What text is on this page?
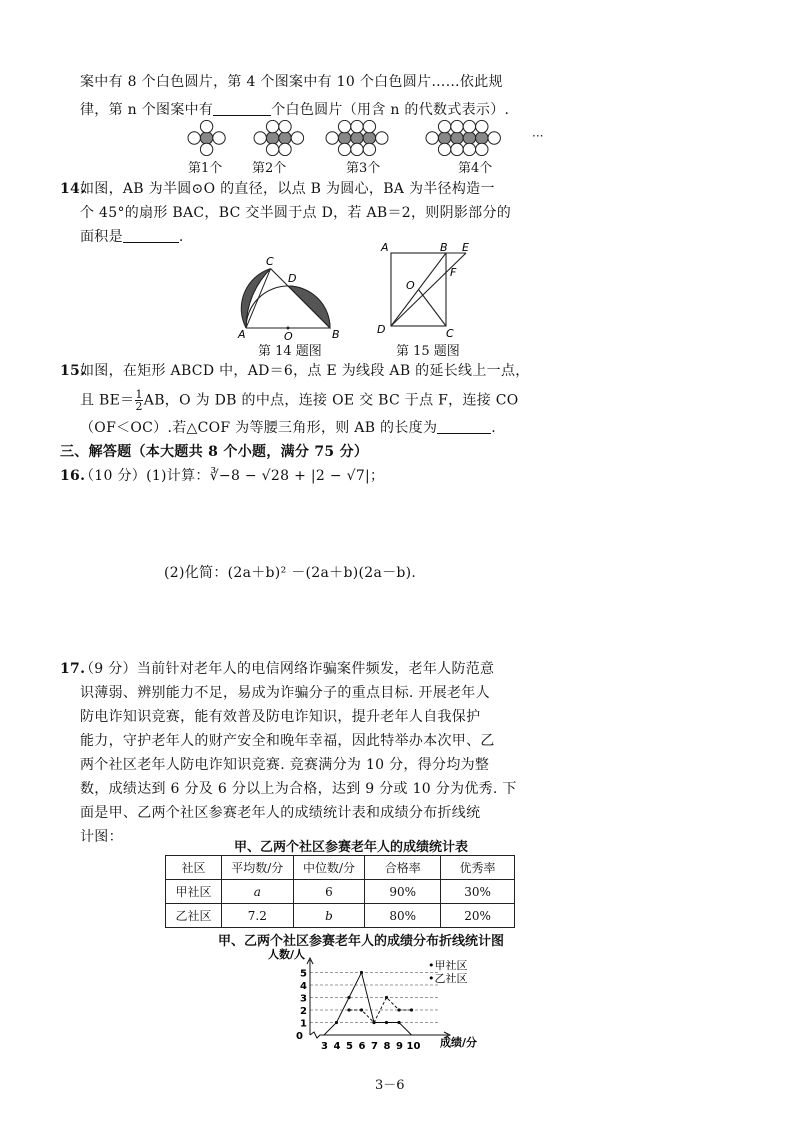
案中有 8 个白色圆片，第 4 个图案中有 10 个白色圆片……依此规
律，第 n 个图案中有	个白色圆片（用含 n 的代数式表示）.
···
第1个 第2个	第3个	第4个
14.
如图，AB 为半圆⊙O 的直径，以点 B 为圆心，BA 为半径构造一
个 45°的扇形 BAC，BC 交半圆于点 D，若 AB＝2，则阴影部分的
面积是	.
A	B
C
D
O
第 14 题图
A	B E
F
O
D	C
第 15 题图
15.
如图，在矩形 ABCD 中，AD＝6，点 E 为线段 AB 的延长线上一点，
且 $BE= \frac{1}{2}$ AB，O 为 DB 的中点，连接 OE 交 BC 于点 F，连接 CO
（OF＜OC）.若△COF 为等腰三角形，则 AB 的长度为	.
三、解答题（本大题共 8 个小题，满分 75 分）
16.
（10 分）(1)计算：∛−8 − √28 + |2 − √7|；
(2)化简：(2a＋b)² －(2a＋b)(2a－b).
17.
（9 分）当前针对老年人的电信网络诈骗案件频发，老年人防范意
识薄弱、辨别能力不足，易成为诈骗分子的重点目标. 开展老年人
防电诈知识竞赛，能有效普及防电诈知识，提升老年人自我保护
能力，守护老年人的财产安全和晚年幸福，因此特举办本次甲、乙
两个社区老年人防电诈知识竞赛. 竞赛满分为 10 分，得分均为整
数，成绩达到 6 分及 6 分以上为合格，达到 9 分或 10 分为优秀. 下
面是甲、乙两个社区参赛老年人的成绩统计表和成绩分布折线统
计图：
甲、乙两个社区参赛老年人的成绩统计表
社区	平均数/分	中位数/分	合格率	优秀率
甲社区	a	6	90%	30%
乙社区	7.2	b	80%	20%
甲、乙两个社区参赛老年人的成绩分布折线统计图
人数/人
成绩/分
0
1
2
3
4
5
3 4 5 6 7 8 9 10
•甲社区
•乙社区
3－6
